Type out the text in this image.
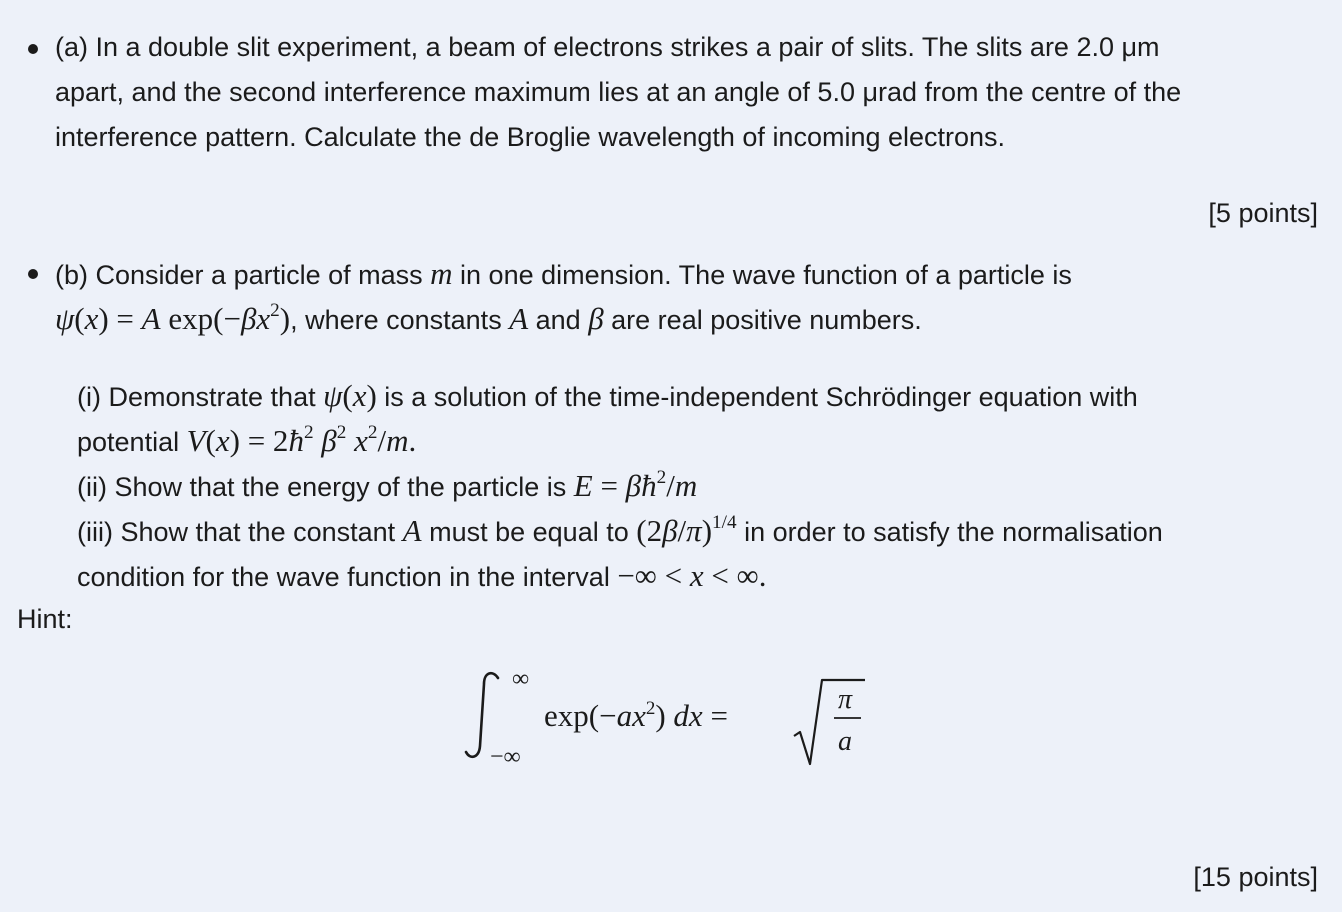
(a) In a double slit experiment, a beam of electrons strikes a pair of slits. The slits are 2.0 μm
apart, and the second interference maximum lies at an angle of 5.0 μrad from the centre of the
interference pattern. Calculate the de Broglie wavelength of incoming electrons.
[5 points]
(b) Consider a particle of mass m in one dimension. The wave function of a particle is
ψ(x) = A $\exp(-\beta x^2)$, where constants A and β are real positive numbers.
(i) Demonstrate that ψ(x) is a solution of the time-independent Schrödinger equation with
potential $V(x) = 2ħ^2$ $\beta^2$ $x^2/m$.
(ii) Show that the energy of the particle is $E = \beta ħ^2/m$
(iii) Show that the constant A must be equal to $(2\beta/\pi)^{1/4}$ in order to satisfy the normalisation
condition for the wave function in the interval −∞ < x < ∞.
Hint:
∞
−∞
$\exp(-ax^2)$ dx =	π
a
[15 points]
